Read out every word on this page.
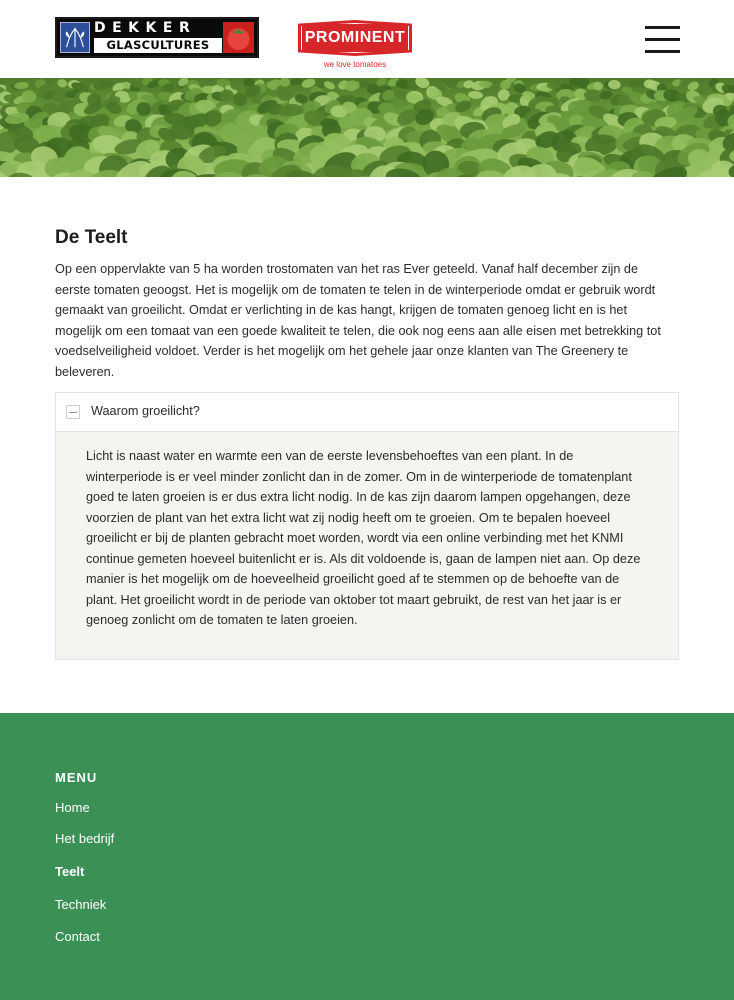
DEKKER
GLASCULTURES	PROMINENT
we love tomatoes
De Teelt

Op een oppervlakte van 5 ha worden trostomaten van het ras Ever geteeld. Vanaf half december zijn de eerste tomaten geoogst. Het is mogelijk om de tomaten te telen in de winterperiode omdat er gebruik wordt gemaakt van groeilicht. Omdat er verlichting in de kas hangt, krijgen de tomaten genoeg licht en is het mogelijk om een tomaat van een goede kwaliteit te telen, die ook nog eens aan alle eisen met betrekking tot voedselveiligheid voldoet. Verder is het mogelijk om het gehele jaar onze klanten van The Greenery te beleveren.

Waarom groeilicht?

Licht is naast water en warmte een van de eerste levensbehoeftes van een plant. In de winterperiode is er veel minder zonlicht dan in de zomer. Om in de winterperiode de tomatenplant goed te laten groeien is er dus extra licht nodig. In de kas zijn daarom lampen opgehangen, deze voorzien de plant van het extra licht wat zij nodig heeft om te groeien. Om te bepalen hoeveel groeilicht er bij de planten gebracht moet worden, wordt via een online verbinding met het KNMI continue gemeten hoeveel buitenlicht er is. Als dit voldoende is, gaan de lampen niet aan. Op deze manier is het mogelijk om de hoeveelheid groeilicht goed af te stemmen op de behoefte van de plant. Het groeilicht wordt in de periode van oktober tot maart gebruikt, de rest van het jaar is er genoeg zonlicht om de tomaten te laten groeien.

MENU
Home
Het bedrijf
Teelt
Techniek
Contact
